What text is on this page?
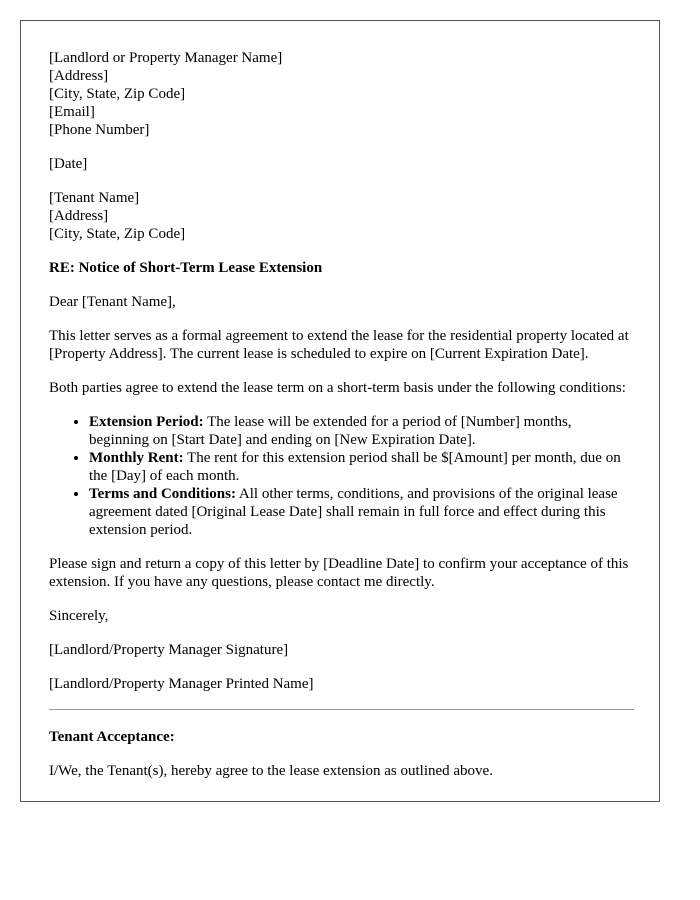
[Landlord or Property Manager Name]
[Address]
[City, State, Zip Code]
[Email]
[Phone Number]
[Date]
[Tenant Name]
[Address]
[City, State, Zip Code]

RE: Notice of Short-Term Lease Extension

Dear [Tenant Name],

This letter serves as a formal agreement to extend the lease for the residential property located at [Property Address]. The current lease is scheduled to expire on [Current Expiration Date].

Both parties agree to extend the lease term on a short-term basis under the following conditions:

• Extension Period: The lease will be extended for a period of [Number] months, beginning on [Start Date] and ending on [New Expiration Date].
• Monthly Rent: The rent for this extension period shall be $[Amount] per month, due on the [Day] of each month.
• Terms and Conditions: All other terms, conditions, and provisions of the original lease agreement dated [Original Lease Date] shall remain in full force and effect during this extension period.

Please sign and return a copy of this letter by [Deadline Date] to confirm your acceptance of this extension. If you have any questions, please contact me directly.

Sincerely,

[Landlord/Property Manager Signature]

[Landlord/Property Manager Printed Name]

Tenant Acceptance:

I/We, the Tenant(s), hereby agree to the lease extension as outlined above.
